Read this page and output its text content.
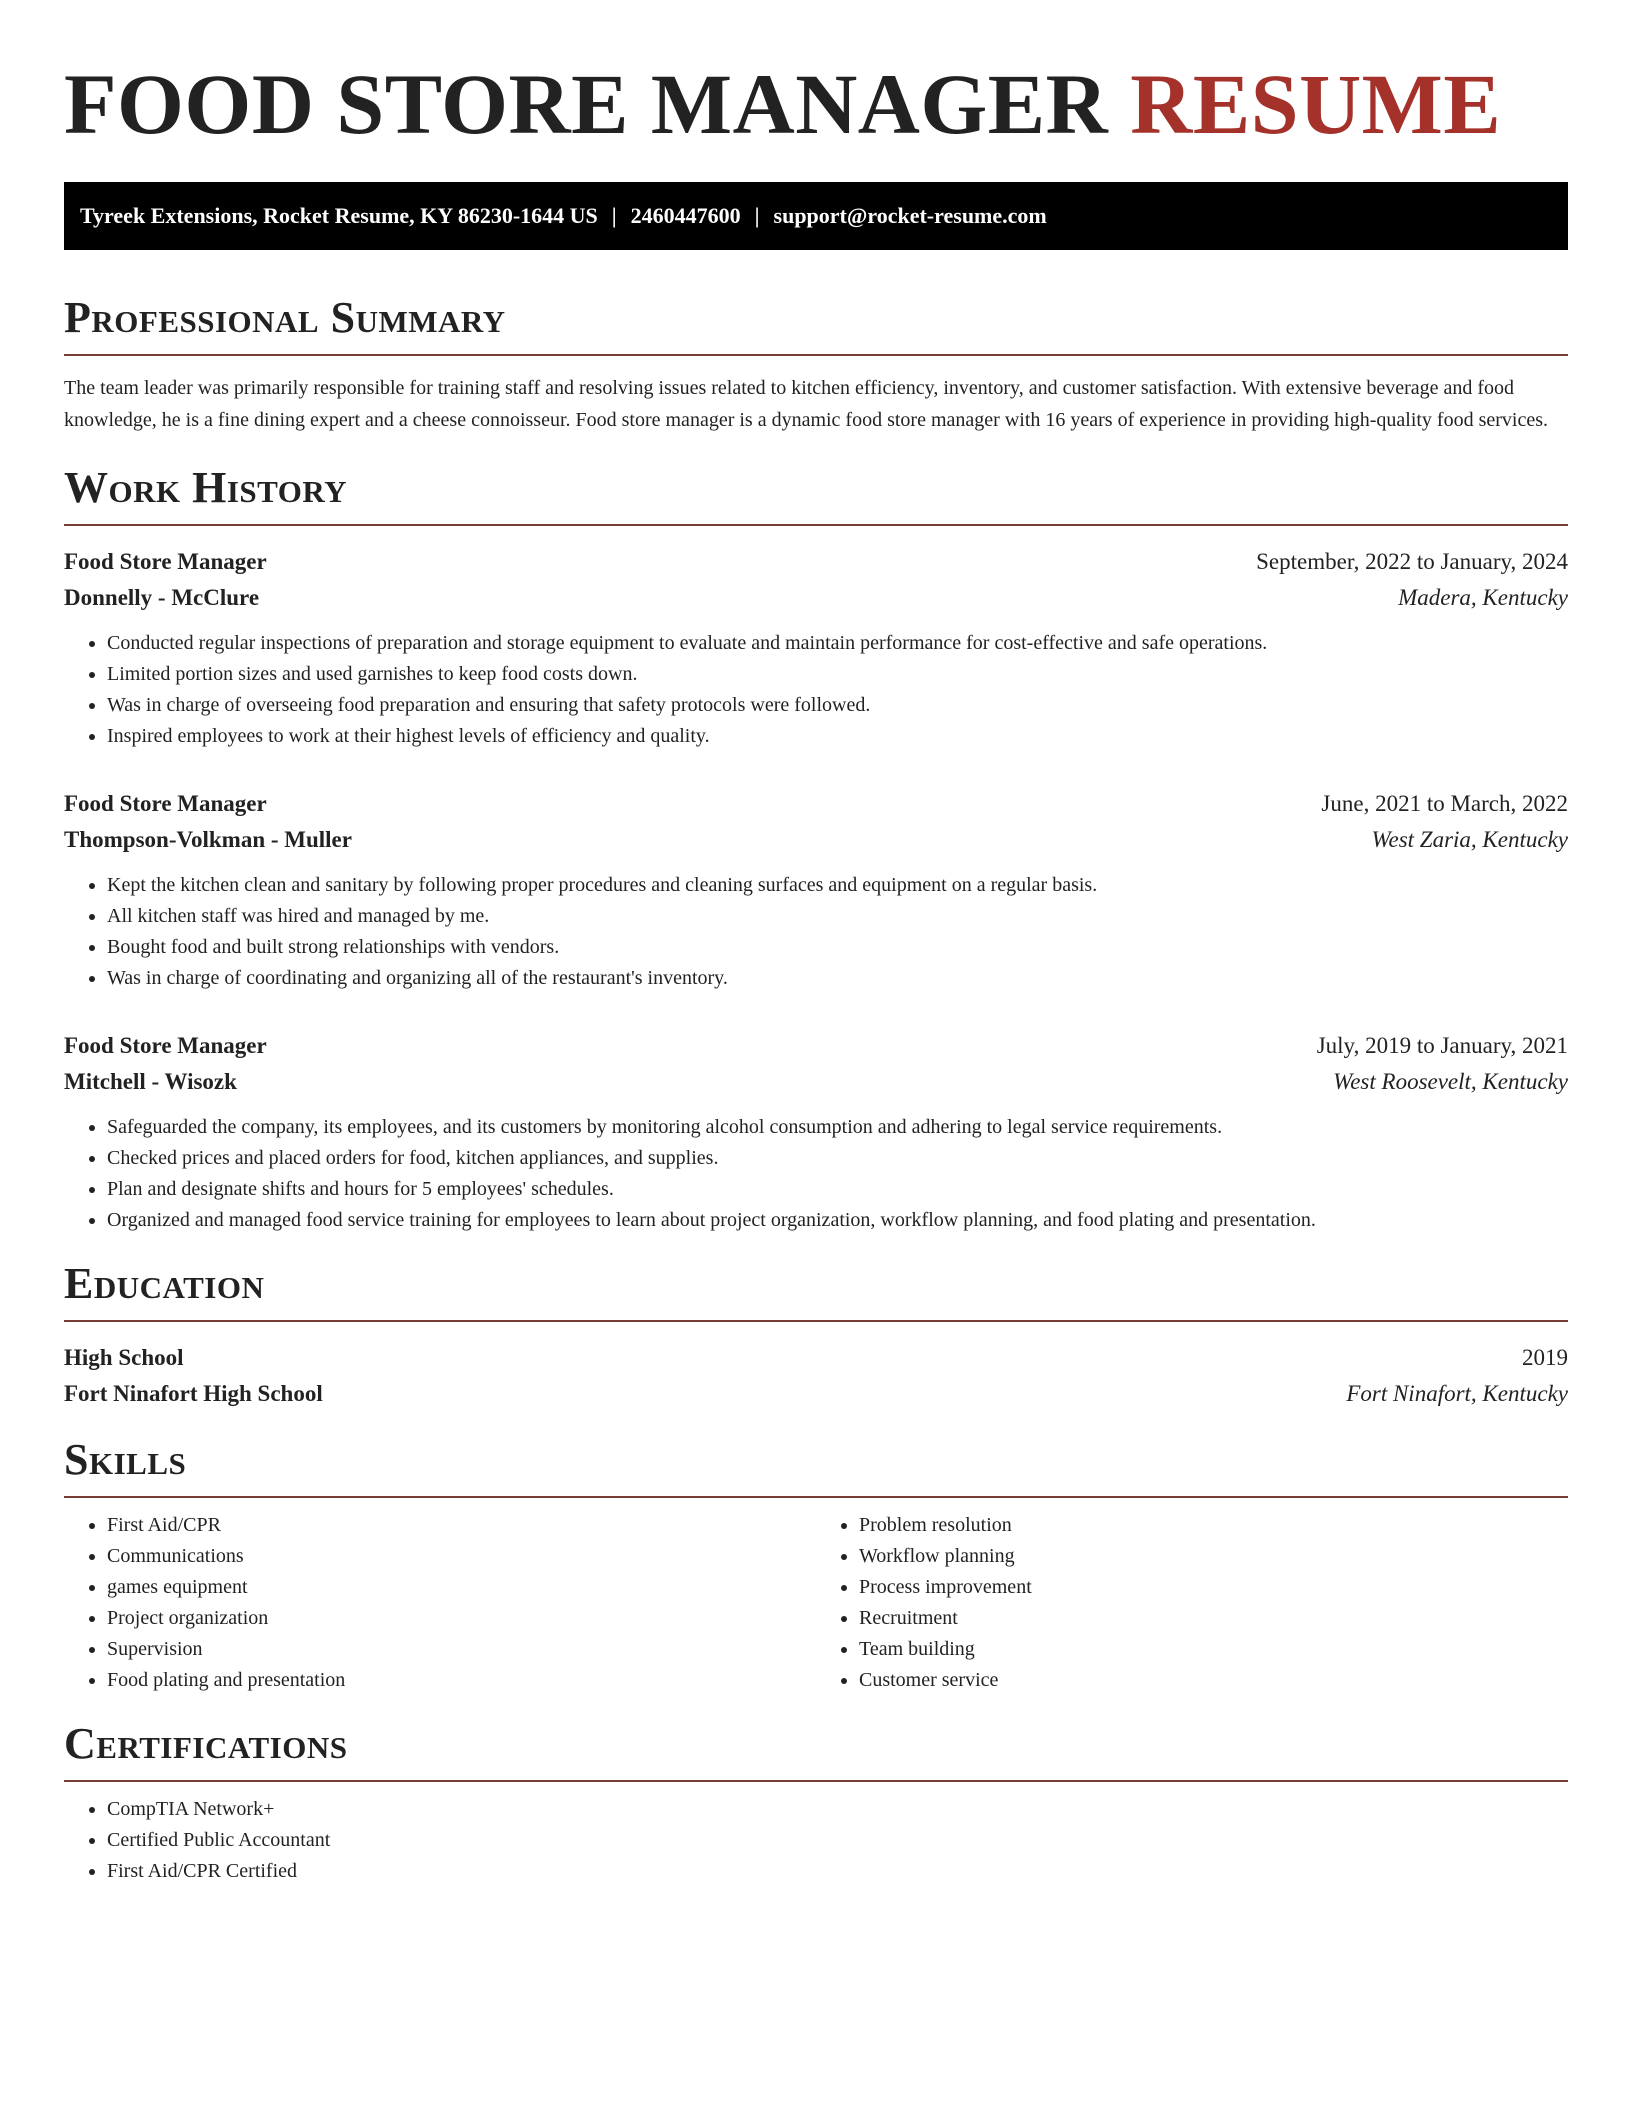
FOOD STORE MANAGER RESUME
Tyreek Extensions, Rocket Resume, KY 86230-1644 US | 2460447600 | support@rocket-resume.com
Professional Summary

The team leader was primarily responsible for training staff and resolving issues related to kitchen efficiency, inventory, and customer satisfaction. With extensive beverage and food knowledge, he is a fine dining expert and a cheese connoisseur. Food store manager is a dynamic food store manager with 16 years of experience in providing high-quality food services.

Work History
Food Store Manager	September, 2022 to January, 2024
Donnelly - McClure	Madera, Kentucky
• Conducted regular inspections of preparation and storage equipment to evaluate and maintain performance for cost-effective and safe operations.
• Limited portion sizes and used garnishes to keep food costs down.
• Was in charge of overseeing food preparation and ensuring that safety protocols were followed.
• Inspired employees to work at their highest levels of efficiency and quality.
Food Store Manager	June, 2021 to March, 2022
Thompson-Volkman - Muller	West Zaria, Kentucky
• Kept the kitchen clean and sanitary by following proper procedures and cleaning surfaces and equipment on a regular basis.
• All kitchen staff was hired and managed by me.
• Bought food and built strong relationships with vendors.
• Was in charge of coordinating and organizing all of the restaurant's inventory.
Food Store Manager	July, 2019 to January, 2021
Mitchell - Wisozk	West Roosevelt, Kentucky
• Safeguarded the company, its employees, and its customers by monitoring alcohol consumption and adhering to legal service requirements.
• Checked prices and placed orders for food, kitchen appliances, and supplies.
• Plan and designate shifts and hours for 5 employees' schedules.
• Organized and managed food service training for employees to learn about project organization, workflow planning, and food plating and presentation.
Education
High School	2019
Fort Ninafort High School	Fort Ninafort, Kentucky
Skills
• First Aid/CPR
• Communications
• games equipment
• Project organization
• Supervision
• Food plating and presentation
• Problem resolution
• Workflow planning
• Process improvement
• Recruitment
• Team building
• Customer service
Certifications
• CompTIA Network+
• Certified Public Accountant
• First Aid/CPR Certified
